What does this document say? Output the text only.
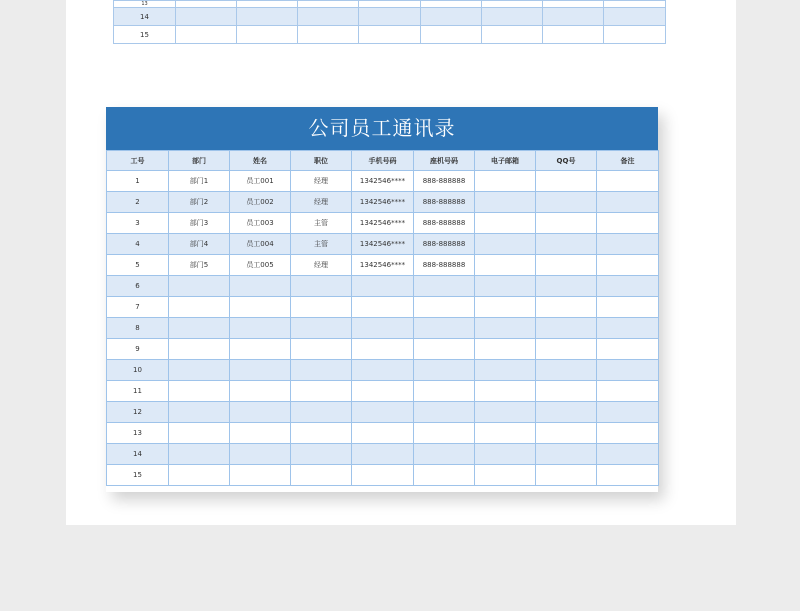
13								
14								
15								
公司员工通讯录
工号	部门	姓名	职位	手机号码	座机号码	电子邮箱	QQ号	备注
1	部门1	员工001	经理	1342546****	888-888888			
2	部门2	员工002	经理	1342546****	888-888888			
3	部门3	员工003	主管	1342546****	888-888888			
4	部门4	员工004	主管	1342546****	888-888888			
5	部门5	员工005	经理	1342546****	888-888888			
6								
7								
8								
9								
10								
11								
12								
13								
14								
15								
